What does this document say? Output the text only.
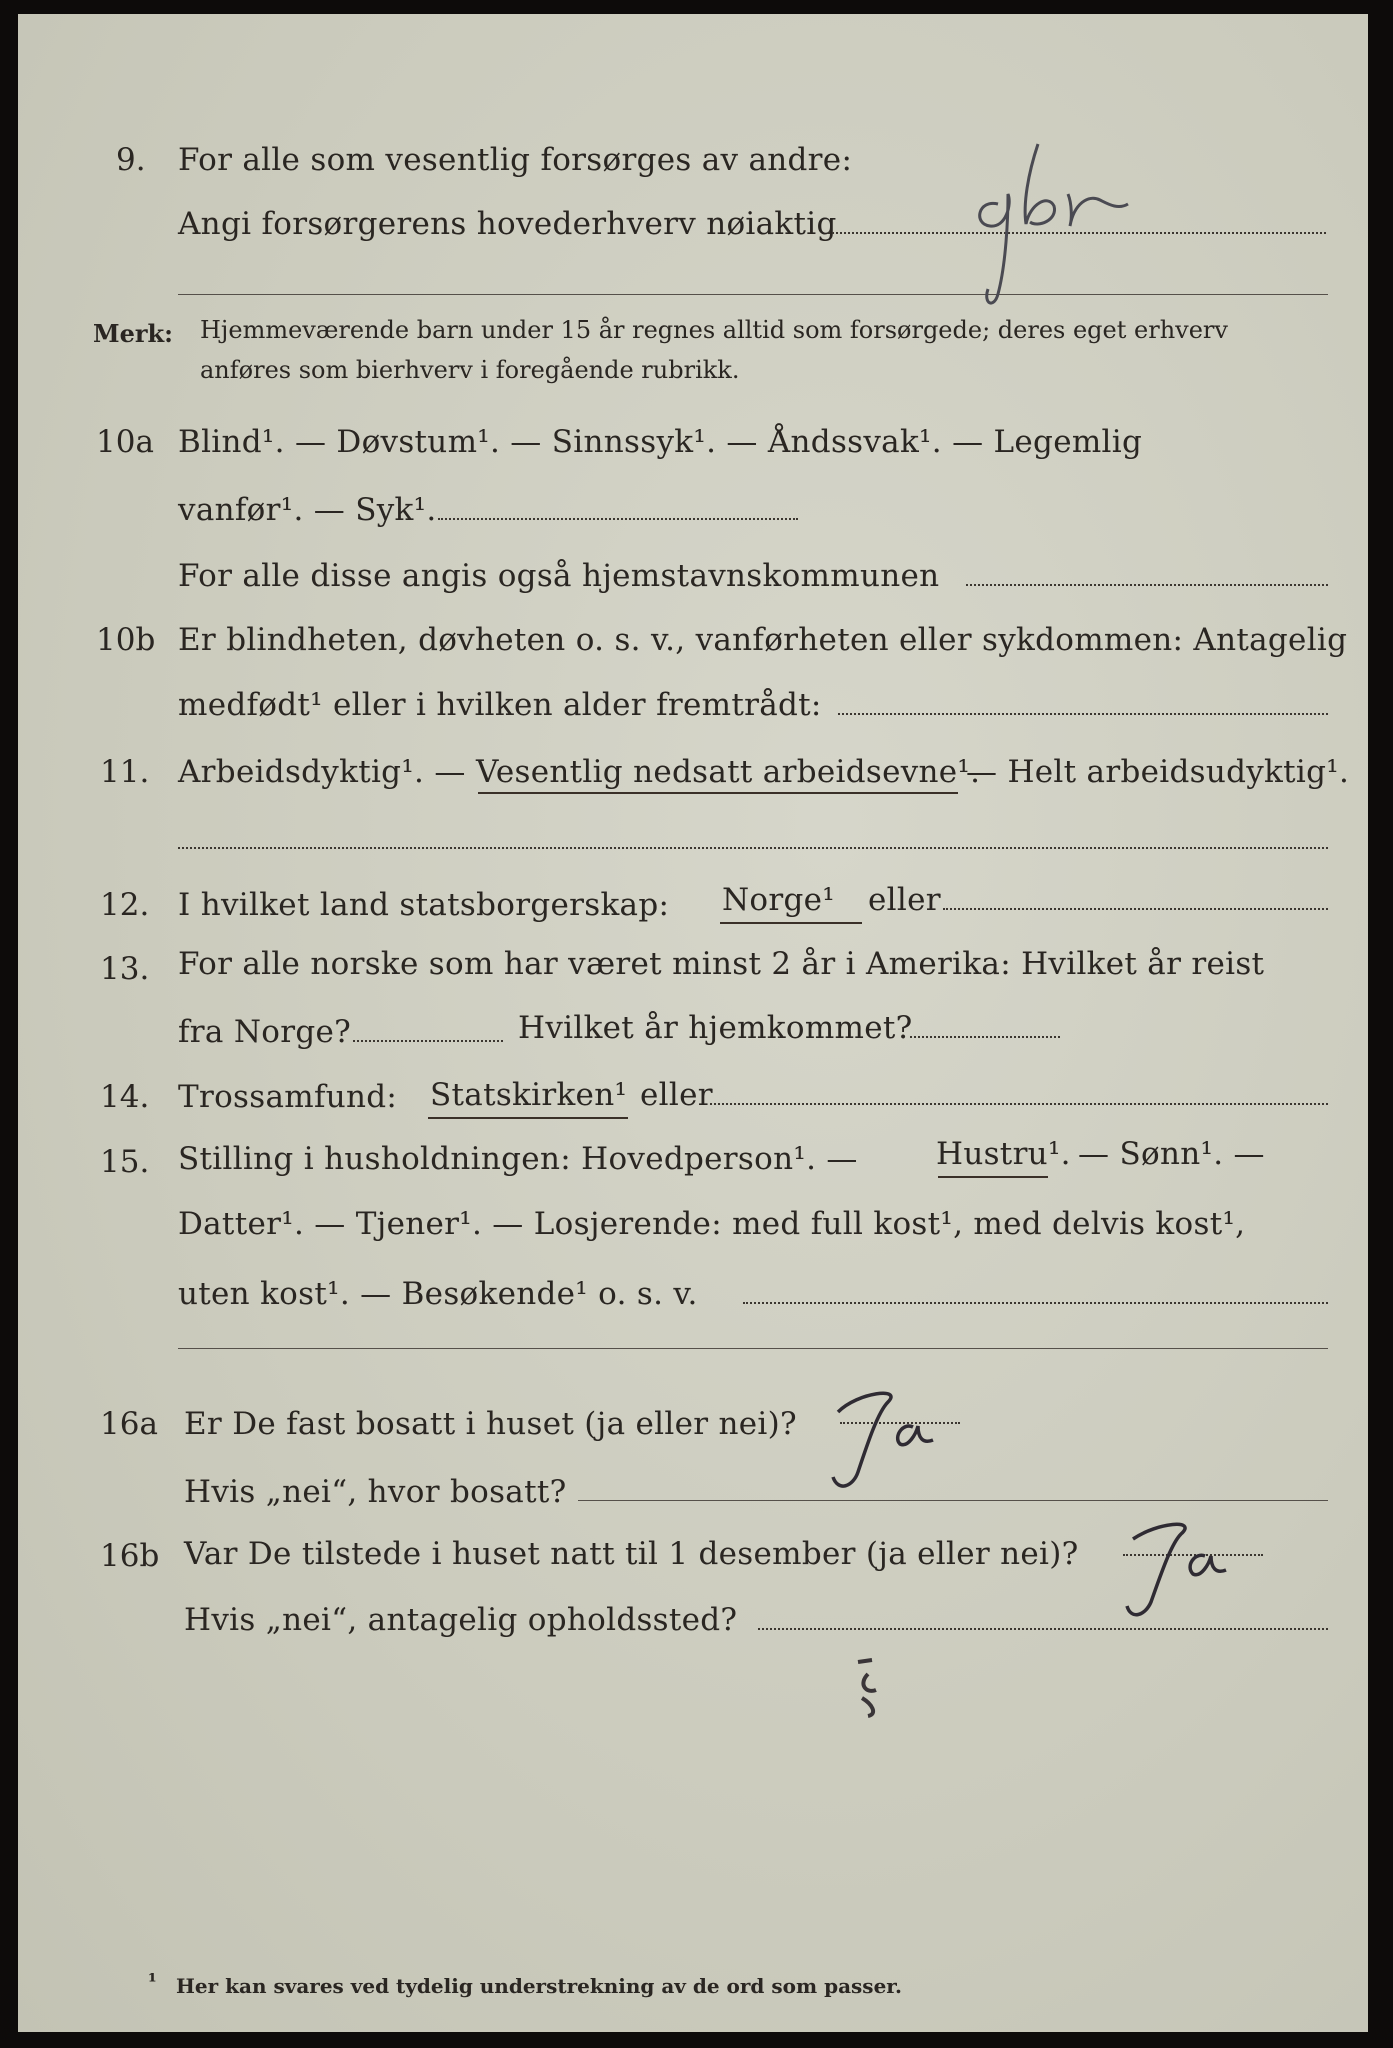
9. For alle som vesentlig forsørges av andre:
Angi forsørgerens hovederhverv nøiaktig
Merk: Hjemmeværende barn under 15 år regnes alltid som forsørgede; deres eget erhverv
anføres som bierhverv i foregående rubrikk.
10a Blind¹. — Døvstum¹. — Sinnssyk¹. — Åndssvak¹. — Legemlig
vanfør¹. — Syk¹.
For alle disse angis også hjemstavnskommunen
10b Er blindheten, døvheten o. s. v., vanførheten eller sykdommen: Antagelig
medfødt¹ eller i hvilken alder fremtrådt:
11. Arbeidsdyktig¹. — Vesentlig nedsatt arbeidsevne¹.
— Helt arbeidsudyktig¹.
12. I hvilket land statsborgerskap: Norge¹ eller
13. For alle norske som har været minst 2 år i Amerika: Hvilket år reist
fra Norge?	Hvilket år hjemkommet?
14. Trossamfund: Statskirken¹ eller
15. Stilling i husholdningen: Hovedperson¹. —	Hustru¹. — Sønn¹. —
Datter¹. — Tjener¹. — Losjerende: med full kost¹, med delvis kost¹,
uten kost¹. — Besøkende¹ o. s. v.
16a Er De fast bosatt i huset (ja eller nei)?
Hvis „nei“, hvor bosatt?
16b Var De tilstede i huset natt til 1 desember (ja eller nei)?
Hvis „nei“, antagelig opholdssted?
¹ Her kan svares ved tydelig understrekning av de ord som passer.
